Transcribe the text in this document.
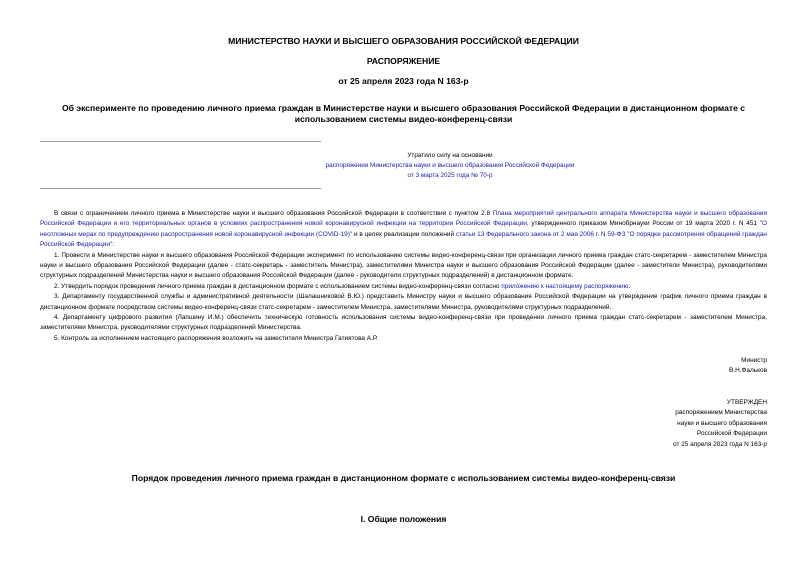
МИНИСТЕРСТВО НАУКИ И ВЫСШЕГО ОБРАЗОВАНИЯ РОССИЙСКОЙ ФЕДЕРАЦИИ
РАСПОРЯЖЕНИЕ
от 25 апреля 2023 года N 163-р
Об эксперименте по проведению личного приема граждан в Министерстве науки и высшего образования Российской Федерации в дистанционном формате с использованием системы видео-конференц-связи
Утратило силу на основании
распоряжения Министерства науки и высшего образования Российской Федерации
от 3 марта 2025 года № 70-р

В связи с ограничением личного приема в Министерстве науки и высшего образования Российской Федерации в соответствии с пунктом 2.8 Плана мероприятий центрального аппарата Министерства науки и высшего образования Российской Федерации и его территориальных органов в условиях распространения новой коронавирусной инфекции на территории Российской Федерации, утвержденного приказом Минобрнауки России от 19 марта 2020 г. N 451 "О неотложных мерах по предупреждению распространения новой коронавирусной инфекции (COVID-19)" и в целях реализации положений статьи 13 Федерального закона от 2 мая 2006 г. N 59-ФЗ "О порядке рассмотрения обращений граждан Российской Федерации":

1. Провести в Министерстве науки и высшего образования Российской Федерации эксперимент по использованию системы видео-конференц-связи при организации личного приема граждан статс-секретарем - заместителем Министра науки и высшего образования Российской Федерации (далее - статс-секретарь - заместитель Министра), заместителями Министра науки и высшего образования Российской Федерации (далее - заместители Министра), руководителями структурных подразделений Министерства науки и высшего образования Российской Федерации (далее - руководители структурных подразделений) в дистанционном формате.

2. Утвердить порядок проведения личного приема граждан в дистанционном формате с использованием системы видео-конференц-связи согласно приложению к настоящему распоряжению.

3. Департаменту государственной службы и административной деятельности (Шалашниковой В.Ю.) представить Министру науки и высшего образования Российской Федерации на утверждение график личного приема граждан в дистанционном формате посредством системы видео-конференц-связи статс-секретарем - заместителем Министра, заместителями Министра, руководителями структурных подразделений.

4. Департаменту цифрового развития (Лапшину И.М.) обеспечить техническую готовность использования системы видео-конференц-связи при проведении личного приема граждан статс-секретарем - заместителем Министра, заместителями Министра, руководителями структурных подразделений Министерства.

5. Контроль за исполнением настоящего распоряжения возложить на заместителя Министра Гатиятова А.Р.

Министр
В.Н.Фальков
УТВЕРЖДЕН
распоряжением Министерства
науки и высшего образования
Российской Федерации
от 25 апреля 2023 года N 163-р
Порядок проведения личного приема граждан в дистанционном формате с использованием системы видео-конференц-связи
I. Общие положения
